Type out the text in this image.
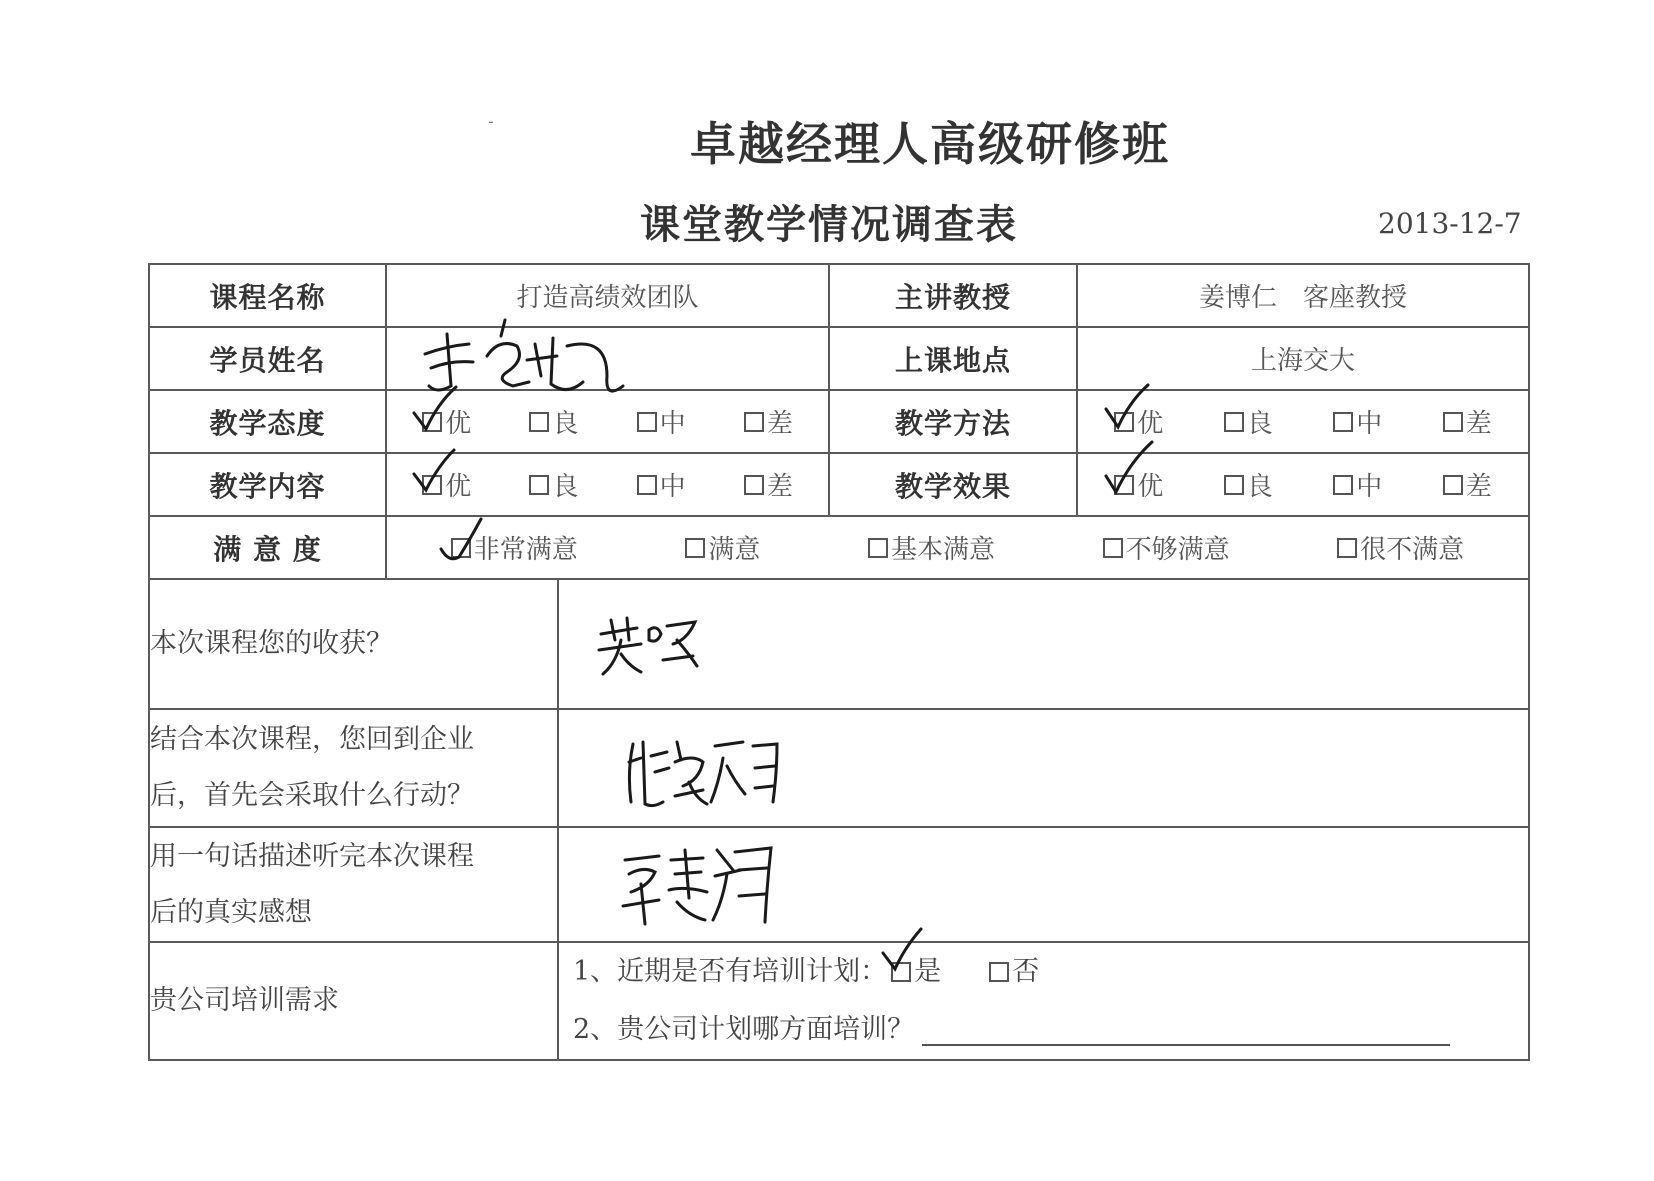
-	卓越经理人高级研修班
课堂教学情况调查表	2013-12-7
课程名称	打造高绩效团队		主讲教授	姜博仁　客座教授
学员姓名			上课地点	上海交大
教学态度	优 良 中 差		教学方法	优 良 中 差

教学内容	优 良 中 差		教学效果	优 良 中 差

满 意 度	非常满意 满意 基本满意 不够满意 很不满意			

本次课程您的收获？	

结合本次课程，您回到企业
后，首先会采取什么行动？

用一句话描述听完本次课程
后的真实感想

贵公司培训需求		1、近期是否有培训计划： 是 否
2、贵公司计划哪方面培训？		
